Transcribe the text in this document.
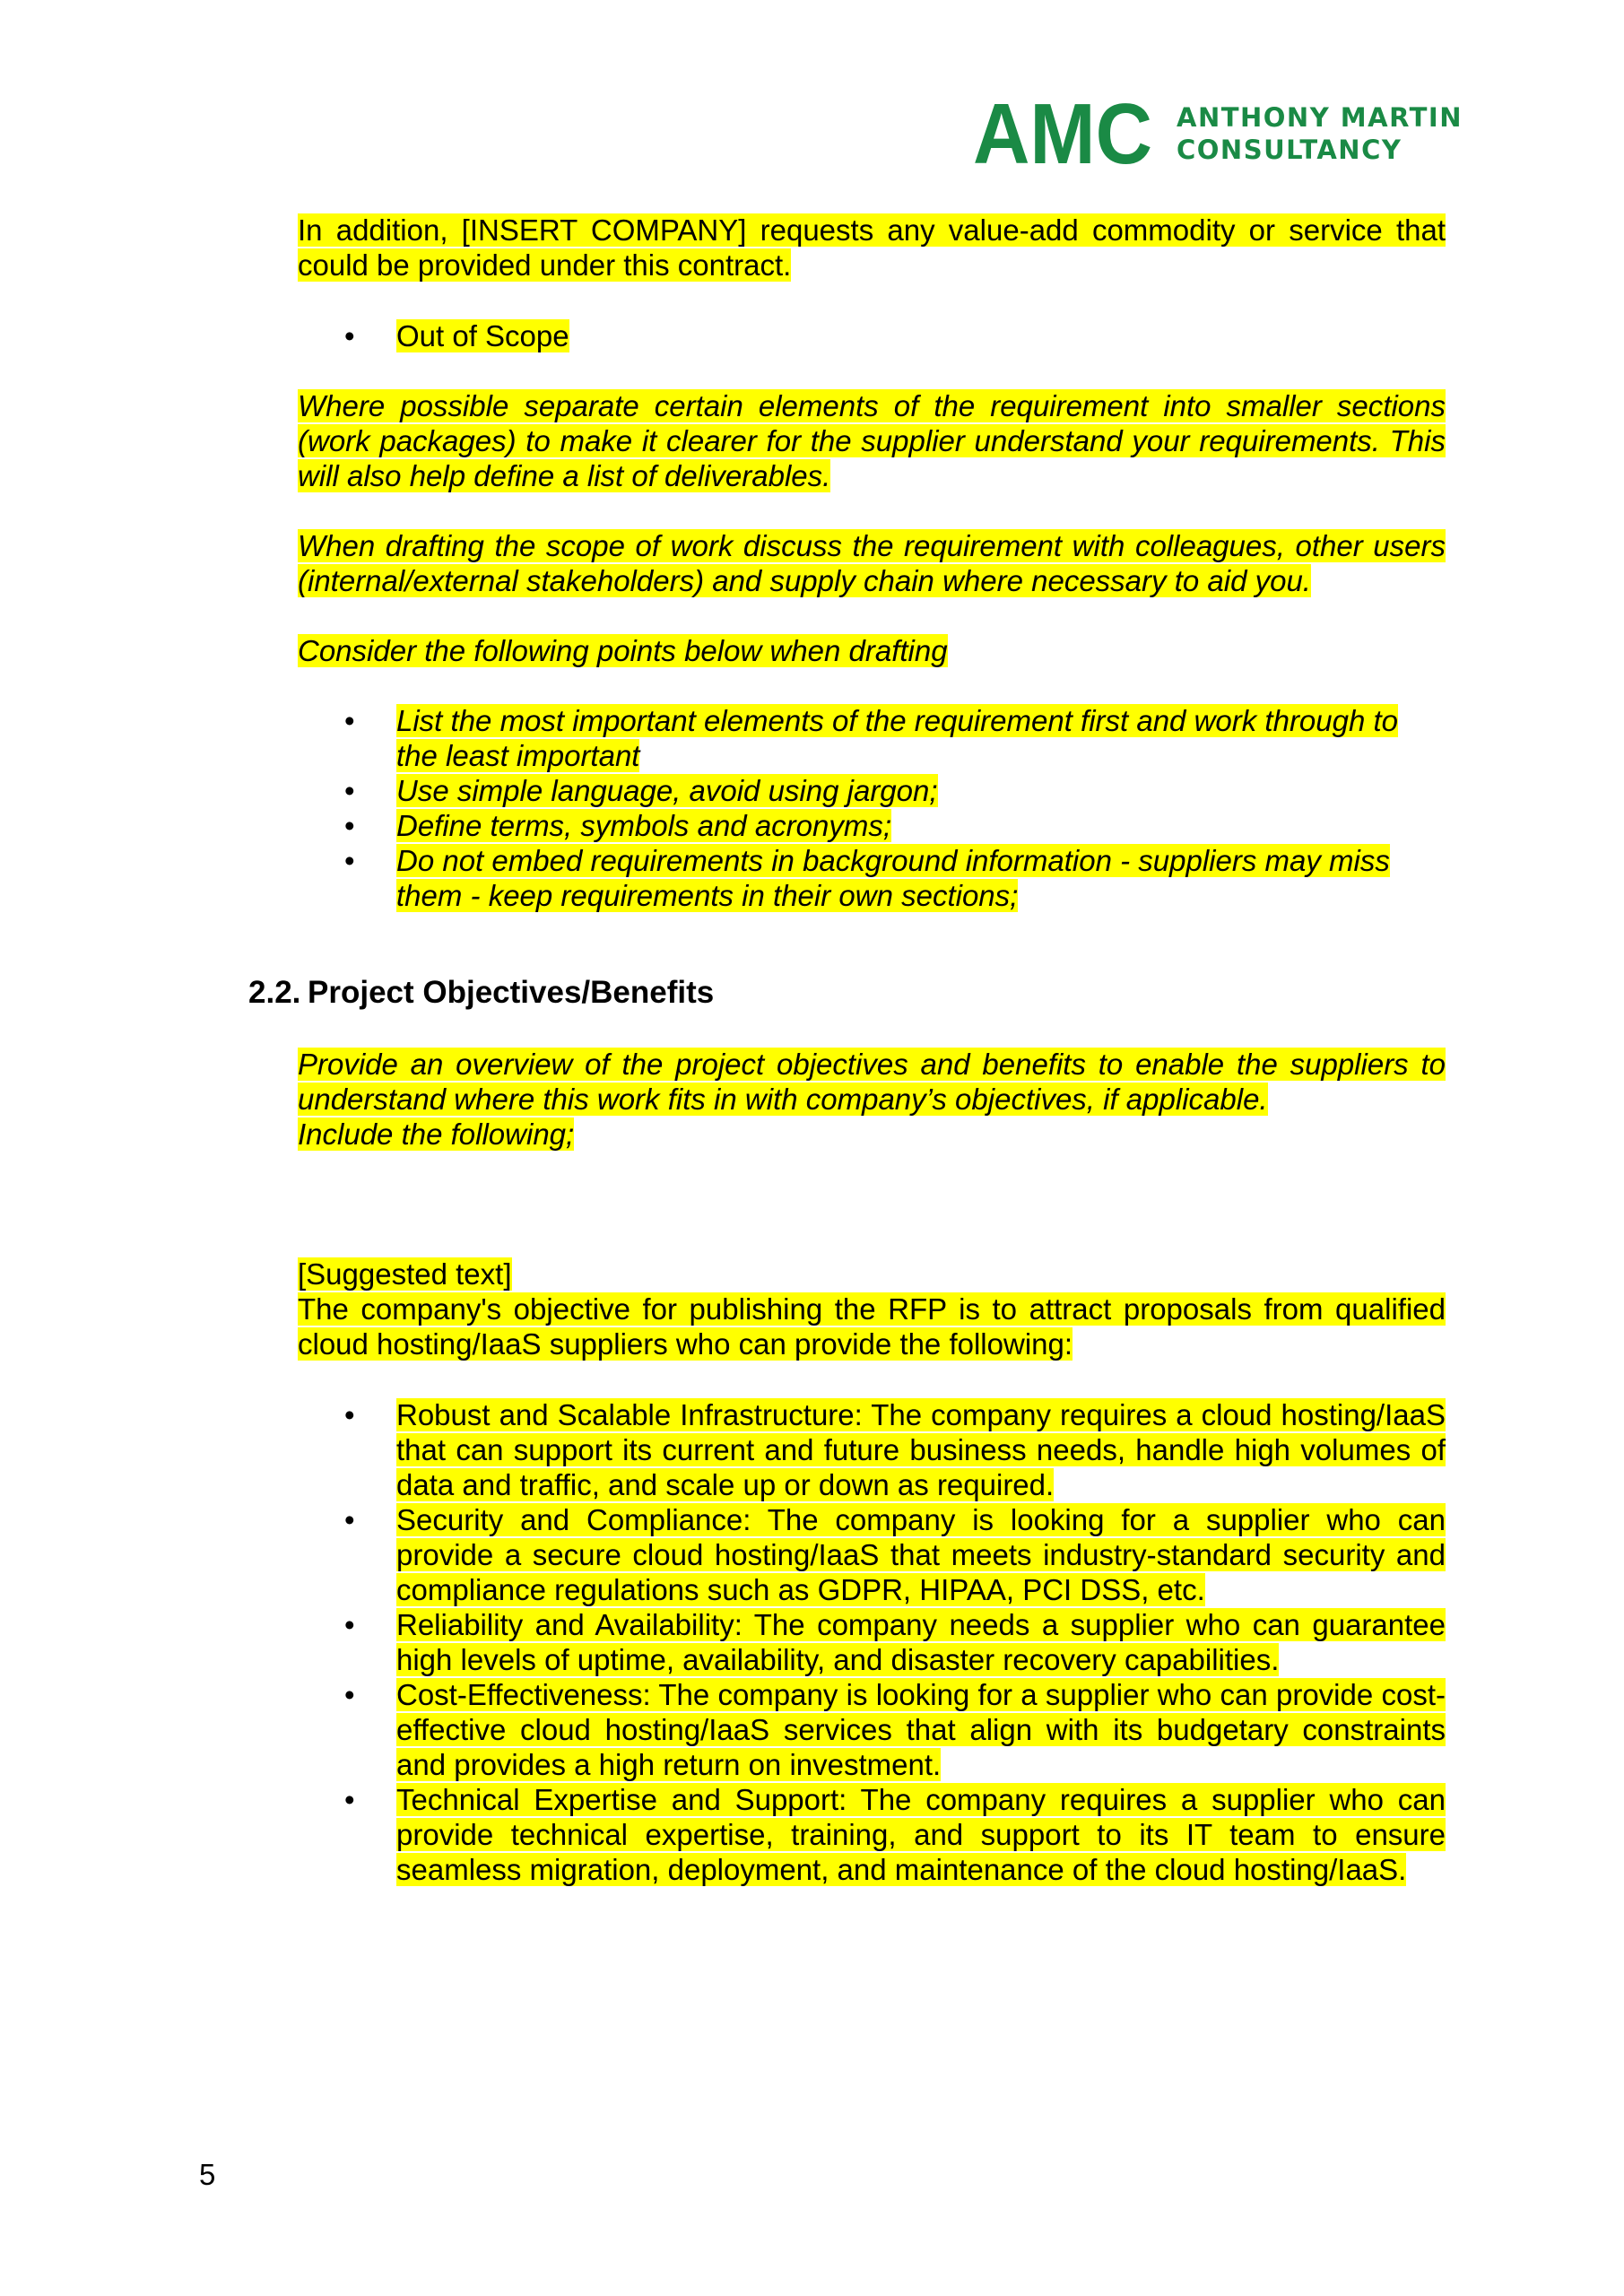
AMC ANTHONY MARTIN
CONSULTANCY
In addition, [INSERT COMPANY] requests any value-add commodity or service that could be provided under this contract.
• Out of Scope
Where possible separate certain elements of the requirement into smaller sections (work packages) to make it clearer for the supplier understand your requirements. This will also help define a list of deliverables.
When drafting the scope of work discuss the requirement with colleagues, other users (internal/external stakeholders) and supply chain where necessary to aid you.
Consider the following points below when drafting
• List the most important elements of the requirement first and work through to the least important
• Use simple language, avoid using jargon;
• Define terms, symbols and acronyms;
• Do not embed requirements in background information - suppliers may miss them - keep requirements in their own sections;
2.2. Project Objectives/Benefits
Provide an overview of the project objectives and benefits to enable the suppliers to understand where this work fits in with company’s objectives, if applicable.
Include the following;
[Suggested text]
The company's objective for publishing the RFP is to attract proposals from qualified cloud hosting/IaaS suppliers who can provide the following:
• Robust and Scalable Infrastructure: The company requires a cloud hosting/IaaS that can support its current and future business needs, handle high volumes of data and traffic, and scale up or down as required.
• Security and Compliance: The company is looking for a supplier who can provide a secure cloud hosting/IaaS that meets industry-standard security and compliance regulations such as GDPR, HIPAA, PCI DSS, etc.
• Reliability and Availability: The company needs a supplier who can guarantee high levels of uptime, availability, and disaster recovery capabilities.
• Cost-Effectiveness: The company is looking for a supplier who can provide cost-effective cloud hosting/IaaS services that align with its budgetary constraints and provides a high return on investment.
• Technical Expertise and Support: The company requires a supplier who can provide technical expertise, training, and support to its IT team to ensure seamless migration, deployment, and maintenance of the cloud hosting/IaaS.
5
